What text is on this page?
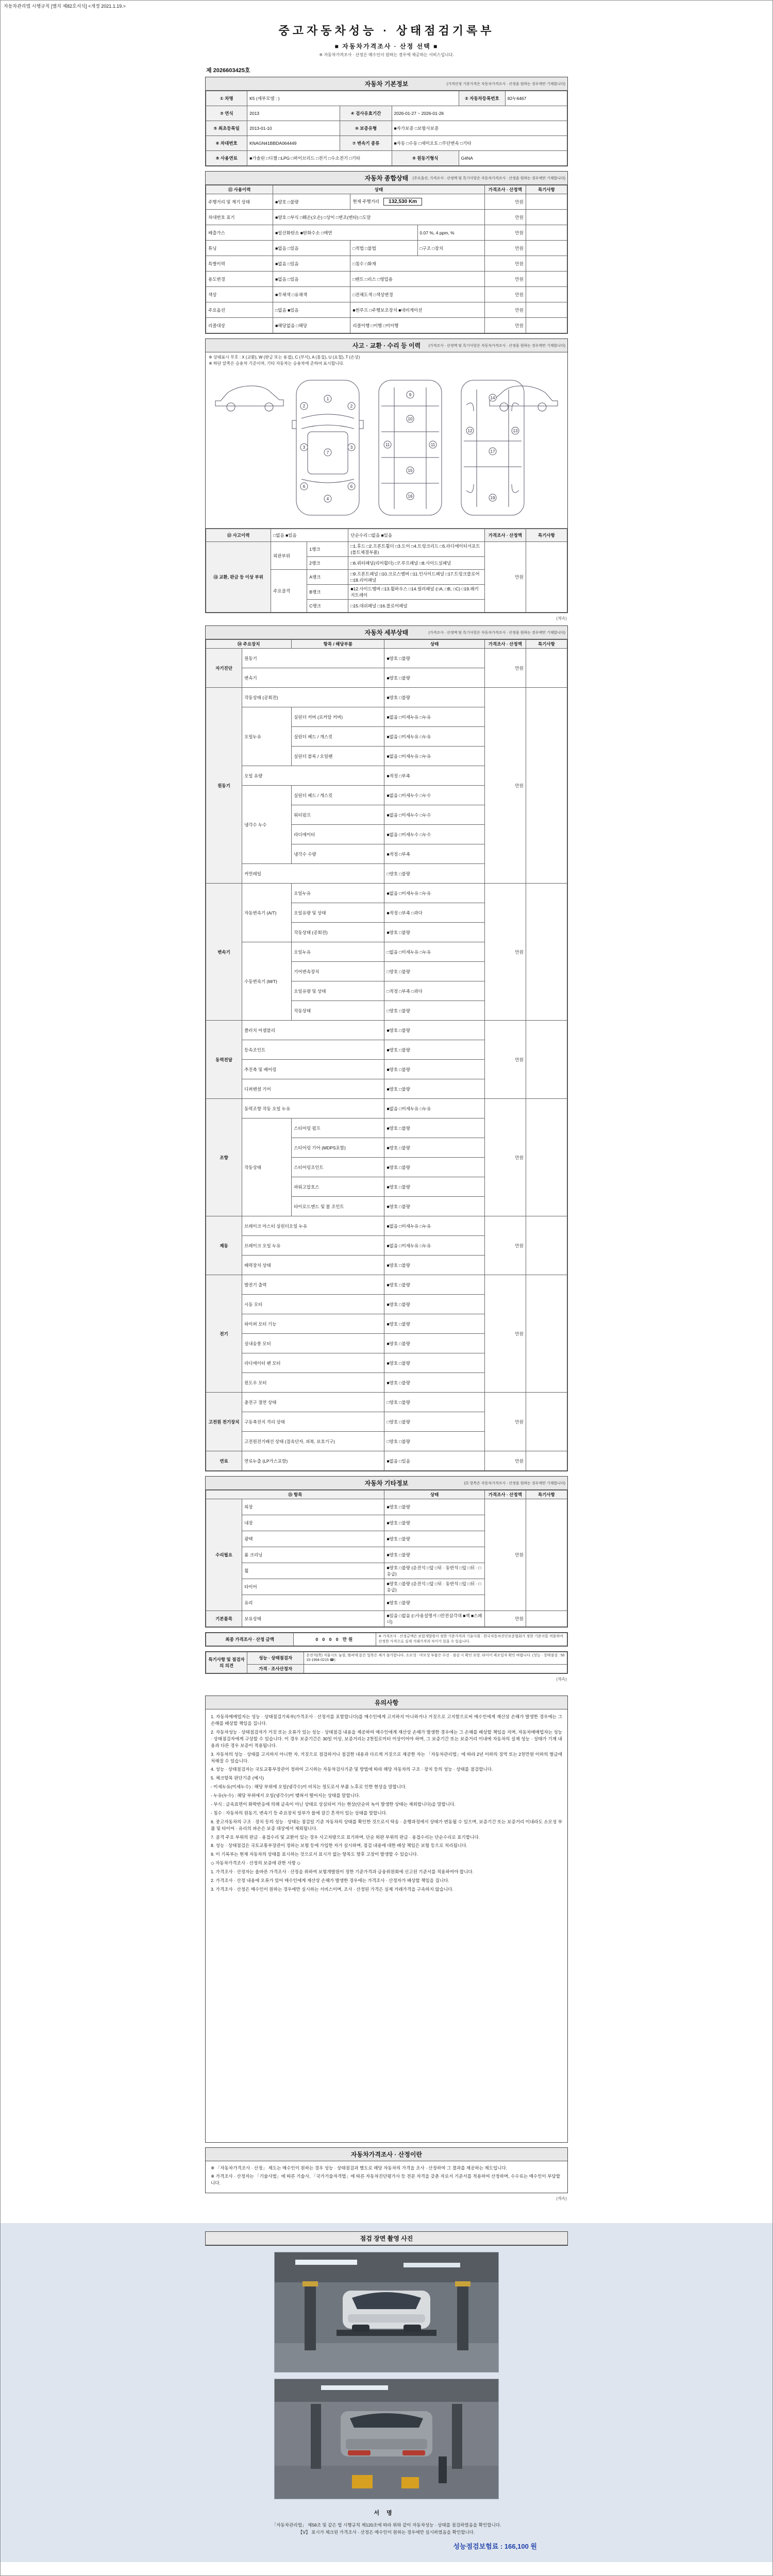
자동차관리법 시행규칙 [별지 제82호서식] <개정 2021.1.19.>
중고자동차성능 · 상태점검기록부
■ 자동차가격조사 · 산정 선택 ■
※ 자동차가격조사 · 산정은 매수인이 원하는 경우에 제공하는 서비스입니다.
제 2026603425호
자동차 기본정보	(가격산정 기준가격은 자동차가격조사 · 산정을 원하는 경우에만 기재합니다)
① 차명	K5 (세부모델 : )			② 자동차등록번호	82누6467
③ 연식	2013	④ 검사유효기간	2026-01-27 ~ 2026-01-26		
⑤ 최초등록일	2013-01-10	⑩ 보증유형	■자가보증 □보험사보증		
⑥ 차대번호	KNAGN41BBDA064449	⑦ 변속기 종류	■자동 □수동 □세미오토 □무단변속 □기타		
⑧ 사용연료	■가솔린 □디젤 □LPG □하이브리드 □전기 □수소전기 □기타		⑨ 원동기형식	G4NA	
자동차 종합상태 (주요옵션, 가격조사 · 산정액 및 특기사항은 자동차가격조사 · 산정을 원하는 경우에만 기재합니다)
⑪ 사용이력	상태			가격조사 · 산정액	특기사항
주행거리 및 계기 상태	■양호 □불량	현재 주행거리 132,530 Km		만원	
차대번호 표기	■양호 □부식 □훼손(오손) □상이 □변조(변타) □도말			만원	
배출가스	■일산화탄소 ■탄화수소 □매연		0.07 %, 4 ppm, %	만원	
튜닝	■없음 □있음	□적법 □불법	□구조 □장치	만원	
특별이력	■없음 □있음	□침수 □화재		만원	
용도변경	■없음 □있음	□렌트 □리스 □영업용		만원	
색상	■무채색 □유채색	□전체도색 □색상변경		만원	
주요옵션	□없음 ■있음	■썬루프 □주행보조장치 ■네비게이션		만원	
리콜대상	■해당없음 □해당	리콜이행 □이행 □미이행		만원	
사고 · 교환 · 수리 등 이력 (가격조사 · 산정액 및 특기사항은 자동차가격조사 · 산정을 원하는 경우에만 기재합니다)

※ 상태표시 부호 : X (교환), W (판금 또는 용접), C (부식), A (흠집), U (요철), T (손상)

※ 하단 앞쪽은 승용차 기준이며, 기타 자동차는 승용차에 준하여 표시합니다.

1
2	2
7
3	3
4
6	6
9
10
11	11
15
16
12	13
14
17
19
⑫ 사고이력	□없음 ■있음		단순수리 □없음 ■있음	가격조사 · 산정액	특기사항
⑬ 교환, 판금 등 이상 부위	외판부위	1랭크	□1.후드 □2.프론트휠더 □3.도어 □4.트렁크리드 □5.라디에이터서포트(볼트체결부품)	만원	
		2랭크	□6.쿼터패널(리어휠더) □7.루프패널 □8.사이드실패널		
	주요골격	A랭크	□9.프론트패널 □10.크로스멤버 □11.인사이드패널 □17.트렁크플로어 □18.리어패널		
		B랭크	■12.사이드멤버 □13.휠하우스 □14.필러패널 (□A, □B, □C) □19.패키지트레이		
		C랭크	□15.대쉬패널 □16.플로어패널		
(계속)
자동차 세부상태	(가격조사 · 산정액 및 특기사항은 자동차가격조사 · 산정을 원하는 경우에만 기재합니다)
⑭ 주요장치		항목 / 해당부품	상태	가격조사 · 산정액	특기사항
자기진단	원동기		■양호 □불량	만원	
	변속기		■양호 □불량		
원동기	작동상태 (공회전)		■양호 □불량	만원	
	오일누유	실린더 커버 (로커암 커버)	■없음 □미세누유 □누유		
		실린더 헤드 / 개스킷	■없음 □미세누유 □누유		
		실린더 블록 / 오일팬	■없음 □미세누유 □누유		
	오일 유량		■적정 □부족		
	냉각수 누수	실린더 헤드 / 개스킷	■없음 □미세누수 □누수		
		워터펌프	■없음 □미세누수 □누수		
		라디에이터	■없음 □미세누수 □누수		
		냉각수 수량	■적정 □부족		
	커먼레일		□양호 □불량		
변속기	자동변속기 (A/T)	오일누유	■없음 □미세누유 □누유	만원	
		오일유량 및 상태	■적정 □부족 □과다		
		작동상태 (공회전)	■양호 □불량		
	수동변속기 (M/T)	오일누유	□없음 □미세누유 □누유		
		기어변속장치	□양호 □불량		
		오일유량 및 상태	□적정 □부족 □과다		
		작동상태	□양호 □불량		
동력전달	클러치 어셈블리		■양호 □불량	만원	
	등속조인트		■양호 □불량		
	추진축 및 베어링		■양호 □불량		
	디퍼렌셜 기어		■양호 □불량		
조향	동력조향 작동 오일 누유		■없음 □미세누유 □누유	만원	
	작동상태	스티어링 펌프	■양호 □불량		
		스티어링 기어 (MDPS포함)	■양호 □불량		
		스티어링조인트	■양호 □불량		
		파워고압호스	■양호 □불량		
		타이로드엔드 및 볼 조인트	■양호 □불량		
제동	브레이크 마스터 실린더오일 누유		■없음 □미세누유 □누유	만원	
	브레이크 오일 누유		■없음 □미세누유 □누유		
	배력장치 상태		■양호 □불량		
전기	발전기 출력		■양호 □불량	만원	
	시동 모터		■양호 □불량		
	와이퍼 모터 기능		■양호 □불량		
	실내송풍 모터		■양호 □불량		
	라디에이터 팬 모터		■양호 □불량		
	윈도우 모터		■양호 □불량		
고전원 전기장치	충전구 절연 상태		□양호 □불량	만원	
	구동축전지 격리 상태		□양호 □불량		
	고전원전기배선 상태 (접속단자, 피복, 보호기구)		□양호 □불량		
연료	연료누출 (LP가스포함)		■없음 □있음	만원	
자동차 기타정보	(⑮ 항목은 자동차가격조사 · 산정을 원하는 경우에만 기재합니다)
⑮ 항목		상태	가격조사 · 산정액	특기사항
수리필요	외장	■양호 □불량	만원	
	내장	■양호 □불량		
	광택	■양호 □불량		
	룸 크리닝	■양호 □불량		
	휠	■양호 □불량 (운전석 □앞 □뒤 · 동반석 □앞 □뒤 · □응급)		
	타이어	■양호 □불량 (운전석 □앞 □뒤 · 동반석 □앞 □뒤 · □응급)		
	유리	■양호 □불량		
기본품목	보유상태	■있음 □없음 (□사용설명서 □안전삼각대 ■잭 ■스패너)	만원	
최종 가격조사 · 산정 금액	0 0 0 0 만원	※ 가격조사 · 산정금액은 보험개발원이 정한 기준가격과 기술사회 · 한국자동차진단보증협회가 정한 기준서를 적용하여 산정한 가격으로 실제 거래가격과 차이가 있을 수 있습니다.
특기사항 및 점검자의 의견	성능 · 상태점검자	운전석(쪽) 직물시트 눌림, 범퍼에 묻은 얼룩은 제거 불가합니다. 소모성 · 마모성 부품은 수선 · 점검 시 확인 요망. 타이어 제조일자 확인 바랍니다. (성능 · 상태점검 : 5015-1994-0215 ☎)
	가격 · 조사산정자	
(계속)
유의사항

1. 자동차매매업자는 성능 · 상태점검기록부(가격조사 · 산정서를 포함합니다)를 매수인에게 고지하지 아니하거나 거짓으로 고지함으로써 매수인에게 재산상 손해가 발생한 경우에는 그 손해를 배상할 책임을 집니다.

2. 자동차성능 · 상태점검자가 거짓 또는 오류가 있는 성능 · 상태점검 내용을 제공하여 매수인에게 재산상 손해가 발생한 경우에는 그 손해를 배상할 책임을 지며, 자동차매매업자는 성능 · 상태점검자에게 구상할 수 있습니다. 이 경우 보증기간은 30일 이상, 보증거리는 2천킬로미터 이상이어야 하며, 그 보증기간 또는 보증거리 이내에 자동차의 실제 성능 · 상태가 기재 내용과 다른 경우 보증이 적용됩니다.

3. 자동차의 성능 · 상태를 고지하지 아니한 자, 거짓으로 점검하거나 점검한 내용과 다르게 거짓으로 제공한 자는 「자동차관리법」에 따라 2년 이하의 징역 또는 2천만원 이하의 벌금에 처해질 수 있습니다.

4. 성능 · 상태점검자는 국토교통부장관이 정하여 고시하는 자동차검사기준 및 방법에 따라 해당 자동차의 구조 · 장치 등의 성능 · 상태를 점검합니다.

5. 체크항목 판단기준 (예시)

- 미세누유(미세누수) : 해당 부위에 오일(냉각수)이 비치는 정도로서 부품 노후로 인한 현상을 말합니다.

- 누유(누수) : 해당 부위에서 오일(냉각수)이 맺혀서 떨어지는 상태를 말합니다.

- 부식 : 금속표면이 화학반응에 의해 금속이 아닌 상태로 상실되어 가는 현상(단순히 녹이 발생한 상태는 제외합니다)을 말합니다.

- 침수 : 자동차의 원동기, 변속기 등 주요장치 일부가 물에 잠긴 흔적이 있는 상태를 말합니다.

6. 중고자동차의 구조 · 장치 등의 성능 · 상태는 점검일 기준 자동차의 상태를 확인한 것으로서 탁송 · 운행과정에서 상태가 변동될 수 있으며, 보증기간 또는 보증거리 이내라도 소모성 부품 및 타이어 · 유리의 파손은 보증 대상에서 제외됩니다.

7. 골격 주요 부위의 판금 · 용접수리 및 교환이 있는 경우 사고차량으로 표기하며, 단순 외판 부위의 판금 · 용접수리는 단순수리로 표기합니다.

8. 성능 · 상태점검은 국토교통부장관이 정하는 보험 등에 가입한 자가 실시하며, 점검 내용에 대한 배상 책임은 보험 등으로 처리됩니다.

9. 이 기록부는 현재 자동차의 상태를 표시하는 것으로서 표시가 없는 항목도 향후 고장이 발생할 수 있습니다.

◇ 자동차가격조사 · 산정의 보증에 관한 사항 ◇

1. 가격조사 · 산정자는 올바른 가격조사 · 산정을 위하여 보험개발원이 정한 기준가격과 금융위원회에 신고된 기준서를 적용하여야 합니다.

2. 가격조사 · 산정 내용에 오류가 있어 매수인에게 재산상 손해가 발생한 경우에는 가격조사 · 산정자가 배상할 책임을 집니다.

3. 가격조사 · 산정은 매수인이 원하는 경우에만 실시하는 서비스이며, 조사 · 산정된 가격은 실제 거래가격을 구속하지 않습니다.

자동차가격조사 · 산정이란

※ 「자동차가격조사 · 산정」 제도는 매수인이 원하는 경우 성능 · 상태점검과 별도로 해당 자동차의 가격을 조사 · 산정하여 그 결과를 제공하는 제도입니다.

※ 가격조사 · 산정자는 「기술사법」에 따른 기술사, 「국가기술자격법」에 따른 자동차진단평가사 등 전문 자격을 갖춘 자로서 기준서를 적용하여 산정하며, 수수료는 매수인이 부담합니다.

(계속)
점검 장면 촬영 사진
서명

「자동차관리법」 제58조 및 같은 법 시행규칙 제120조에 따라 위와 같이 자동차성능 · 상태를 점검하였음을 확인합니다.

【Ⅴ】 표시가 체크된 가격조사 · 산정은 매수인이 원하는 경우에만 실시하였음을 확인합니다.

성능점검보험료 : 166,100 원
